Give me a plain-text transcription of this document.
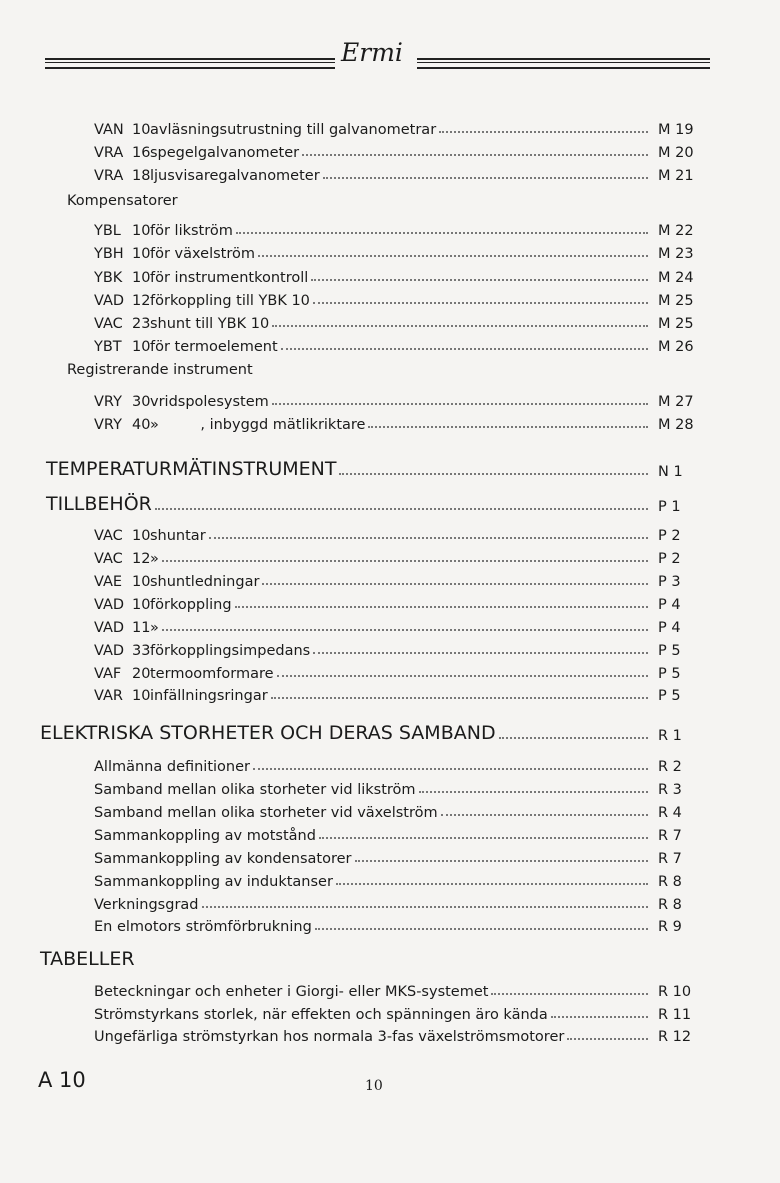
Ermi
VAN 10avläsningsutrustning till galvanometrar	M 19
VRA 16spegelgalvanometer	M 20
VRA 18ljusvisaregalvanometer	M 21
Kompensatorer
YBL 10för likström	M 22
YBH 10för växelström	M 23
YBK 10för instrumentkontroll	M 24
VAD 12förkoppling till YBK 10	M 25
VAC 23shunt till YBK 10	M 25
YBT 10för termoelement	M 26
Registrerande instrument
VRY 30vridspolesystem	M 27
VRY 40»         , inbyggd mätlikriktare	M 28
TEMPERATURMÄTINSTRUMENT	N 1
TILLBEHÖR	P 1
VAC 10shuntar	P 2
VAC 12»	P 2
VAE 10shuntledningar	P 3
VAD 10förkoppling	P 4
VAD 11»	P 4
VAD 33förkopplingsimpedans	P 5
VAF 20termoomformare	P 5
VAR 10infällningsringar	P 5
ELEKTRISKA STORHETER OCH DERAS SAMBAND	R 1
Allmänna definitioner	R 2
Samband mellan olika storheter vid likström	R 3
Samband mellan olika storheter vid växelström	R 4
Sammankoppling av motstånd	R 7
Sammankoppling av kondensatorer	R 7
Sammankoppling av induktanser	R 8
Verkningsgrad	R 8
En elmotors strömförbrukning	R 9
TABELLER
Beteckningar och enheter i Giorgi- eller MKS-systemet	R 10
Strömstyrkans storlek, när effekten och spänningen äro kända	R 11
Ungefärliga strömstyrkan hos normala 3-fas växelströmsmotorer	R 12
A 10	10
